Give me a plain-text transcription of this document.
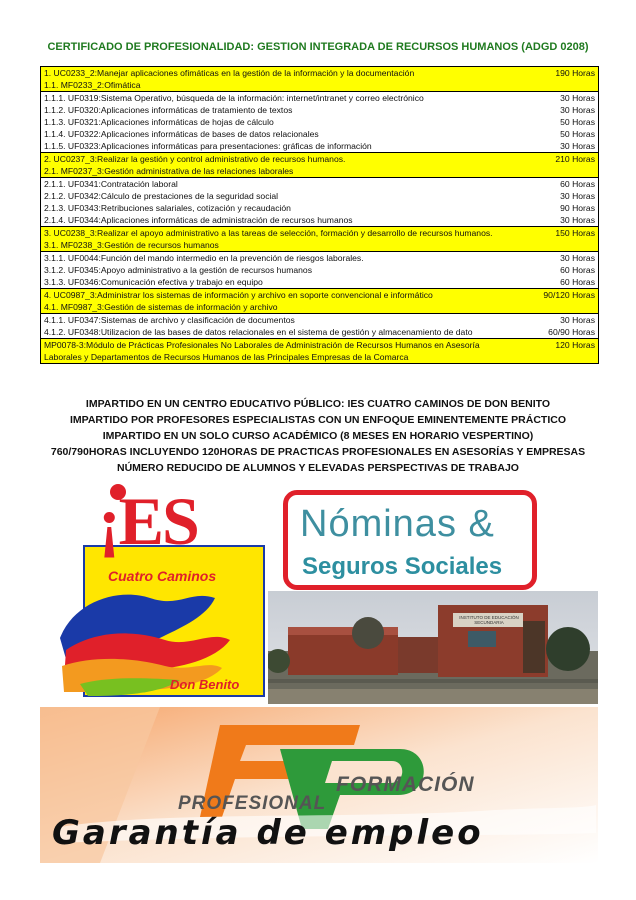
CERTIFICADO DE PROFESIONALIDAD: GESTION INTEGRADA DE RECURSOS HUMANOS (ADGD 0208)
1. UC0233_2:Manejar aplicaciones ofimáticas en la gestión de la información y la documentación	190 Horas
1.1. MF0233_2:Ofimática	
1.1.1. UF0319:Sistema Operativo, búsqueda de la información: internet/intranet y correo electrónico	30 Horas
1.1.2. UF0320:Aplicaciones informáticas de tratamiento de textos	30 Horas
1.1.3. UF0321:Aplicaciones informáticas de hojas de cálculo	50 Horas
1.1.4. UF0322:Aplicaciones informáticas de bases de datos relacionales	50 Horas
1.1.5. UF0323:Aplicaciones informáticas para presentaciones: gráficas de información	30 Horas
2. UC0237_3:Realizar la gestión y control administrativo de recursos humanos.	210 Horas
2.1. MF0237_3:Gestión administrativa de las relaciones laborales	
2.1.1. UF0341:Contratación laboral	60 Horas
2.1.2. UF0342:Cálculo de prestaciones de la seguridad social	30 Horas
2.1.3. UF0343:Retribuciones salariales, cotización y recaudación	90 Horas
2.1.4. UF0344:Aplicaciones informáticas de administración de recursos humanos	30 Horas
3. UC0238_3:Realizar el apoyo administrativo a las tareas de selección, formación y desarrollo de recursos humanos.	150 Horas
3.1. MF0238_3:Gestión de recursos humanos	
3.1.1. UF0044:Función del mando intermedio en la prevención de riesgos laborales.	30 Horas
3.1.2. UF0345:Apoyo administrativo a la gestión de recursos humanos	60 Horas
3.1.3. UF0346:Comunicación efectiva y trabajo en equipo	60 Horas
4. UC0987_3:Administrar los sistemas de información y archivo en soporte convencional e informático	90/120 Horas
4.1. MF0987_3:Gestión de sistemas de información y archivo	
4.1.1. UF0347:Sistemas de archivo y clasificación de documentos	30 Horas
4.1.2. UF0348:Utilizacion de las bases de datos relacionales en el sistema de gestión y almacenamiento de dato	60/90 Horas
MP0078-3:Módulo de Prácticas Profesionales No Laborales de Administración de Recursos Humanos en Asesoría	120 Horas
Laborales y Departamentos de Recursos Humanos de las Principales Empresas de la Comarca	
IMPARTIDO EN UN CENTRO EDUCATIVO PÚBLICO: IES CUATRO CAMINOS DE DON BENITO
IMPARTIDO POR PROFESORES ESPECIALISTAS CON UN ENFOQUE EMINENTEMENTE PRÁCTICO
IMPARTIDO EN UN SOLO CURSO ACADÉMICO (8 MESES EN HORARIO VESPERTINO)
760/790HORAS INCLUYENDO 120HORAS DE PRACTICAS PROFESIONALES EN ASESORÍAS Y EMPRESAS
NÚMERO REDUCIDO DE ALUMNOS Y ELEVADAS PERSPECTIVAS DE TRABAJO
¡ES
Cuatro Caminos
Don Benito
Nóminas &
Seguros Sociales
INSTITUTO DE EDUCACIÓN SECUNDARIA
FORMACIÓN
PROFESIONAL
Garantía de empleo
